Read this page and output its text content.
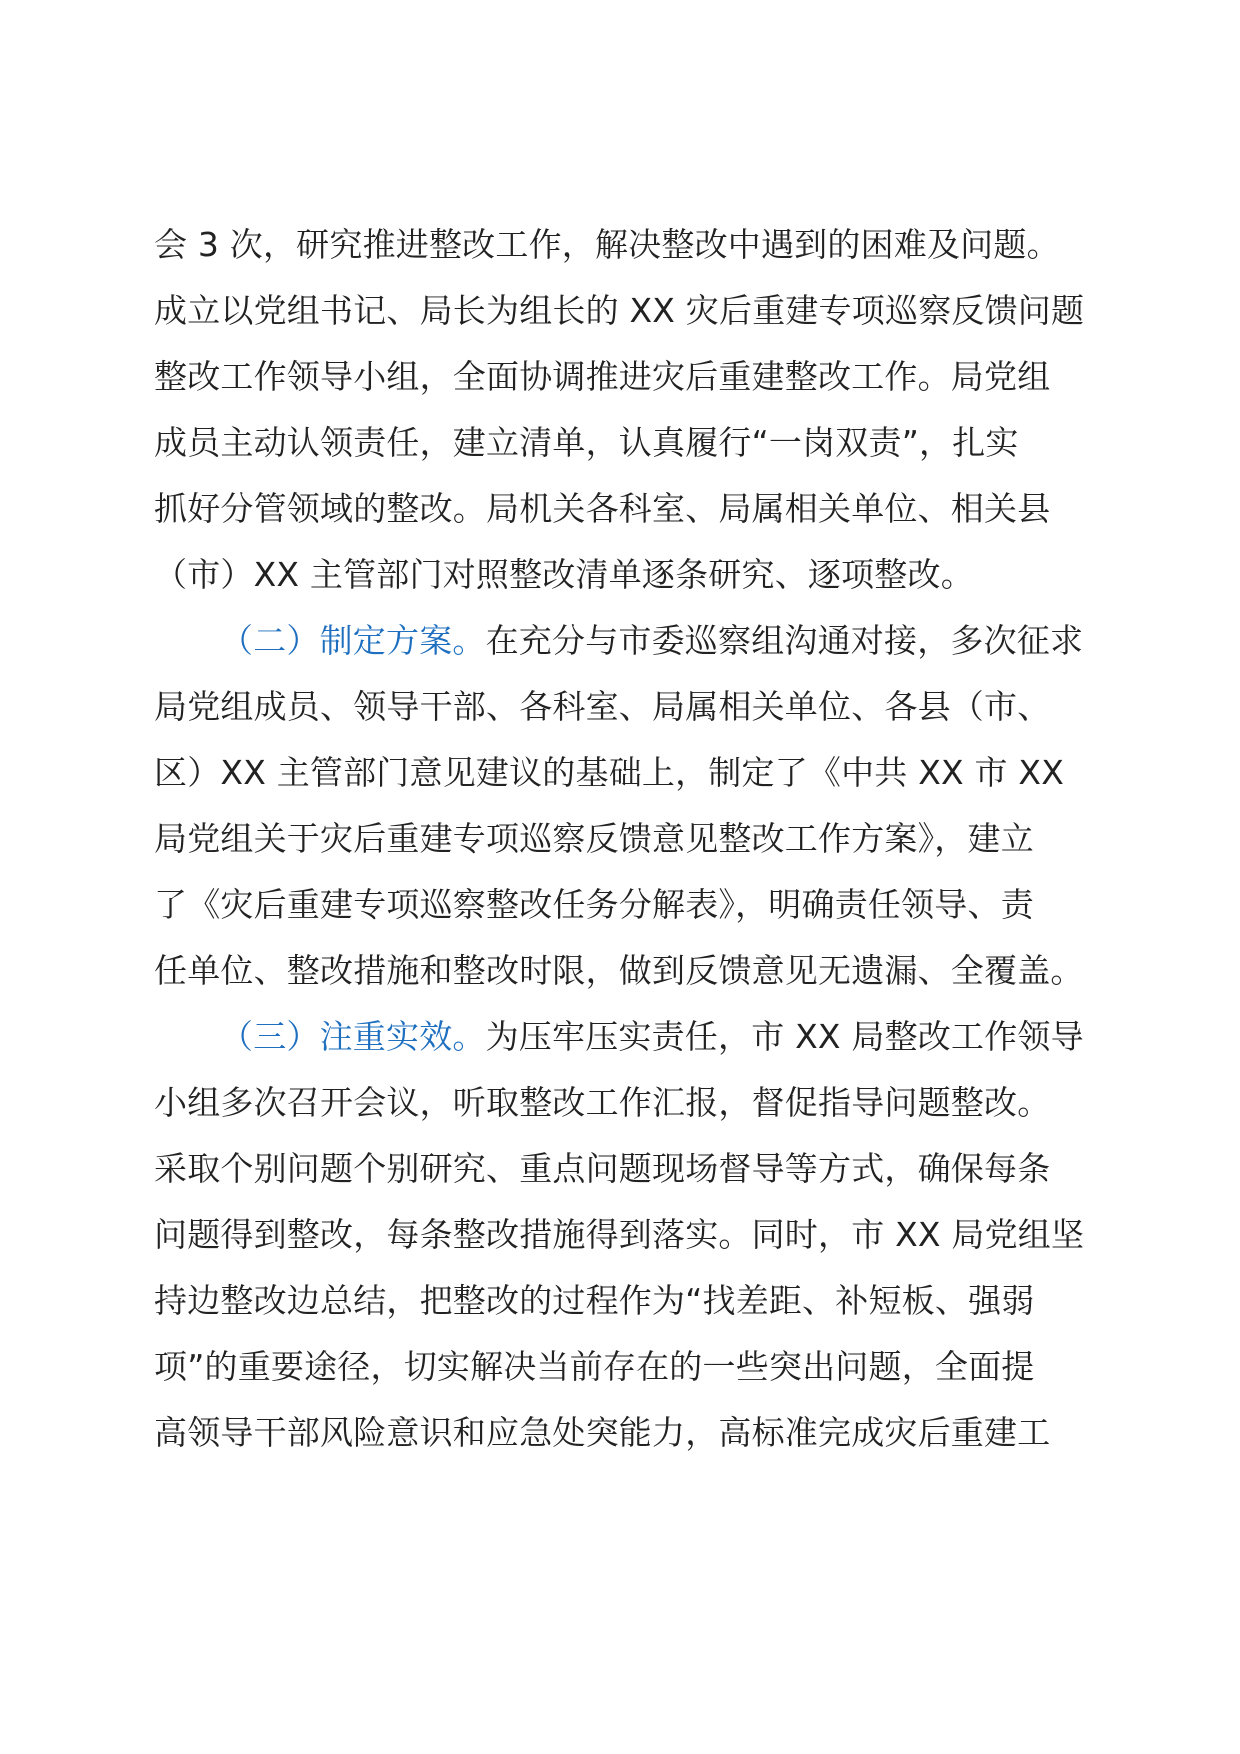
会 3 次，研究推进整改工作，解决整改中遇到的困难及问题。
成立以党组书记、局长为组长的 XX 灾后重建专项巡察反馈问题
整改工作领导小组，全面协调推进灾后重建整改工作。局党组
成员主动认领责任，建立清单，认真履行“一岗双责”，扎实
抓好分管领域的整改。局机关各科室、局属相关单位、相关县
（市）XX 主管部门对照整改清单逐条研究、逐项整改。
（二）制定方案。在充分与市委巡察组沟通对接，多次征求
局党组成员、领导干部、各科室、局属相关单位、各县（市、
区）XX 主管部门意见建议的基础上，制定了《中共 XX 市 XX
局党组关于灾后重建专项巡察反馈意见整改工作方案》，建立
了《灾后重建专项巡察整改任务分解表》，明确责任领导、责
任单位、整改措施和整改时限，做到反馈意见无遗漏、全覆盖。
（三）注重实效。为压牢压实责任，市 XX 局整改工作领导
小组多次召开会议，听取整改工作汇报，督促指导问题整改。
采取个别问题个别研究、重点问题现场督导等方式，确保每条
问题得到整改，每条整改措施得到落实。同时，市 XX 局党组坚
持边整改边总结，把整改的过程作为“找差距、补短板、强弱
项”的重要途径，切实解决当前存在的一些突出问题，全面提
高领导干部风险意识和应急处突能力，高标准完成灾后重建工
